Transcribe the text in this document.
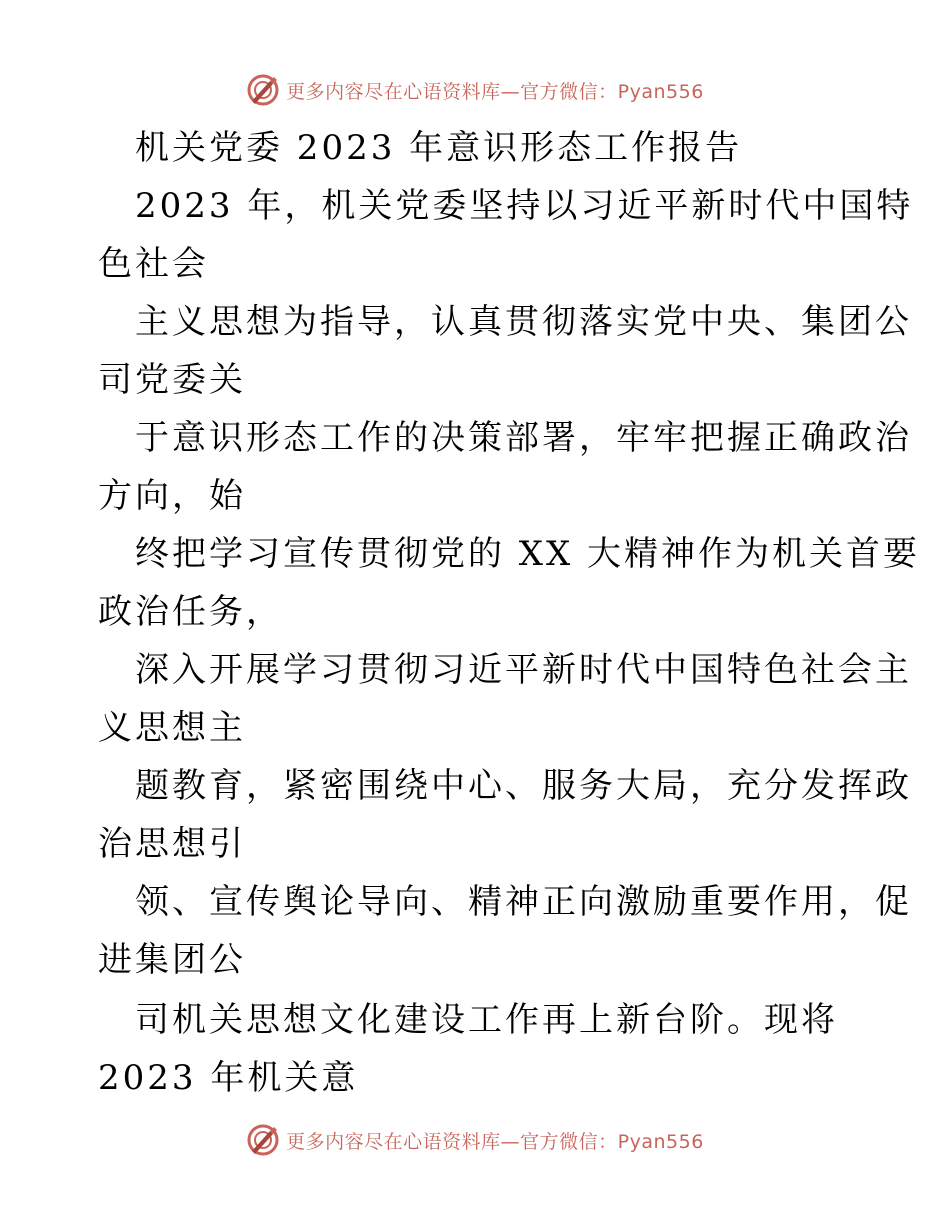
更多内容尽在心语资料库—官方微信：Pyan556
机关党委 2023 年意识形态工作报告
2023 年，机关党委坚持以习近平新时代中国特
色社会
主义思想为指导，认真贯彻落实党中央、集团公
司党委关
于意识形态工作的决策部署，牢牢把握正确政治
方向，始
终把学习宣传贯彻党的 XX 大精神作为机关首要
政治任务，
深入开展学习贯彻习近平新时代中国特色社会主
义思想主
题教育，紧密围绕中心、服务大局，充分发挥政
治思想引
领、宣传舆论导向、精神正向激励重要作用，促
进集团公
司机关思想文化建设工作再上新台阶。现将
2023 年机关意
更多内容尽在心语资料库—官方微信：Pyan556
